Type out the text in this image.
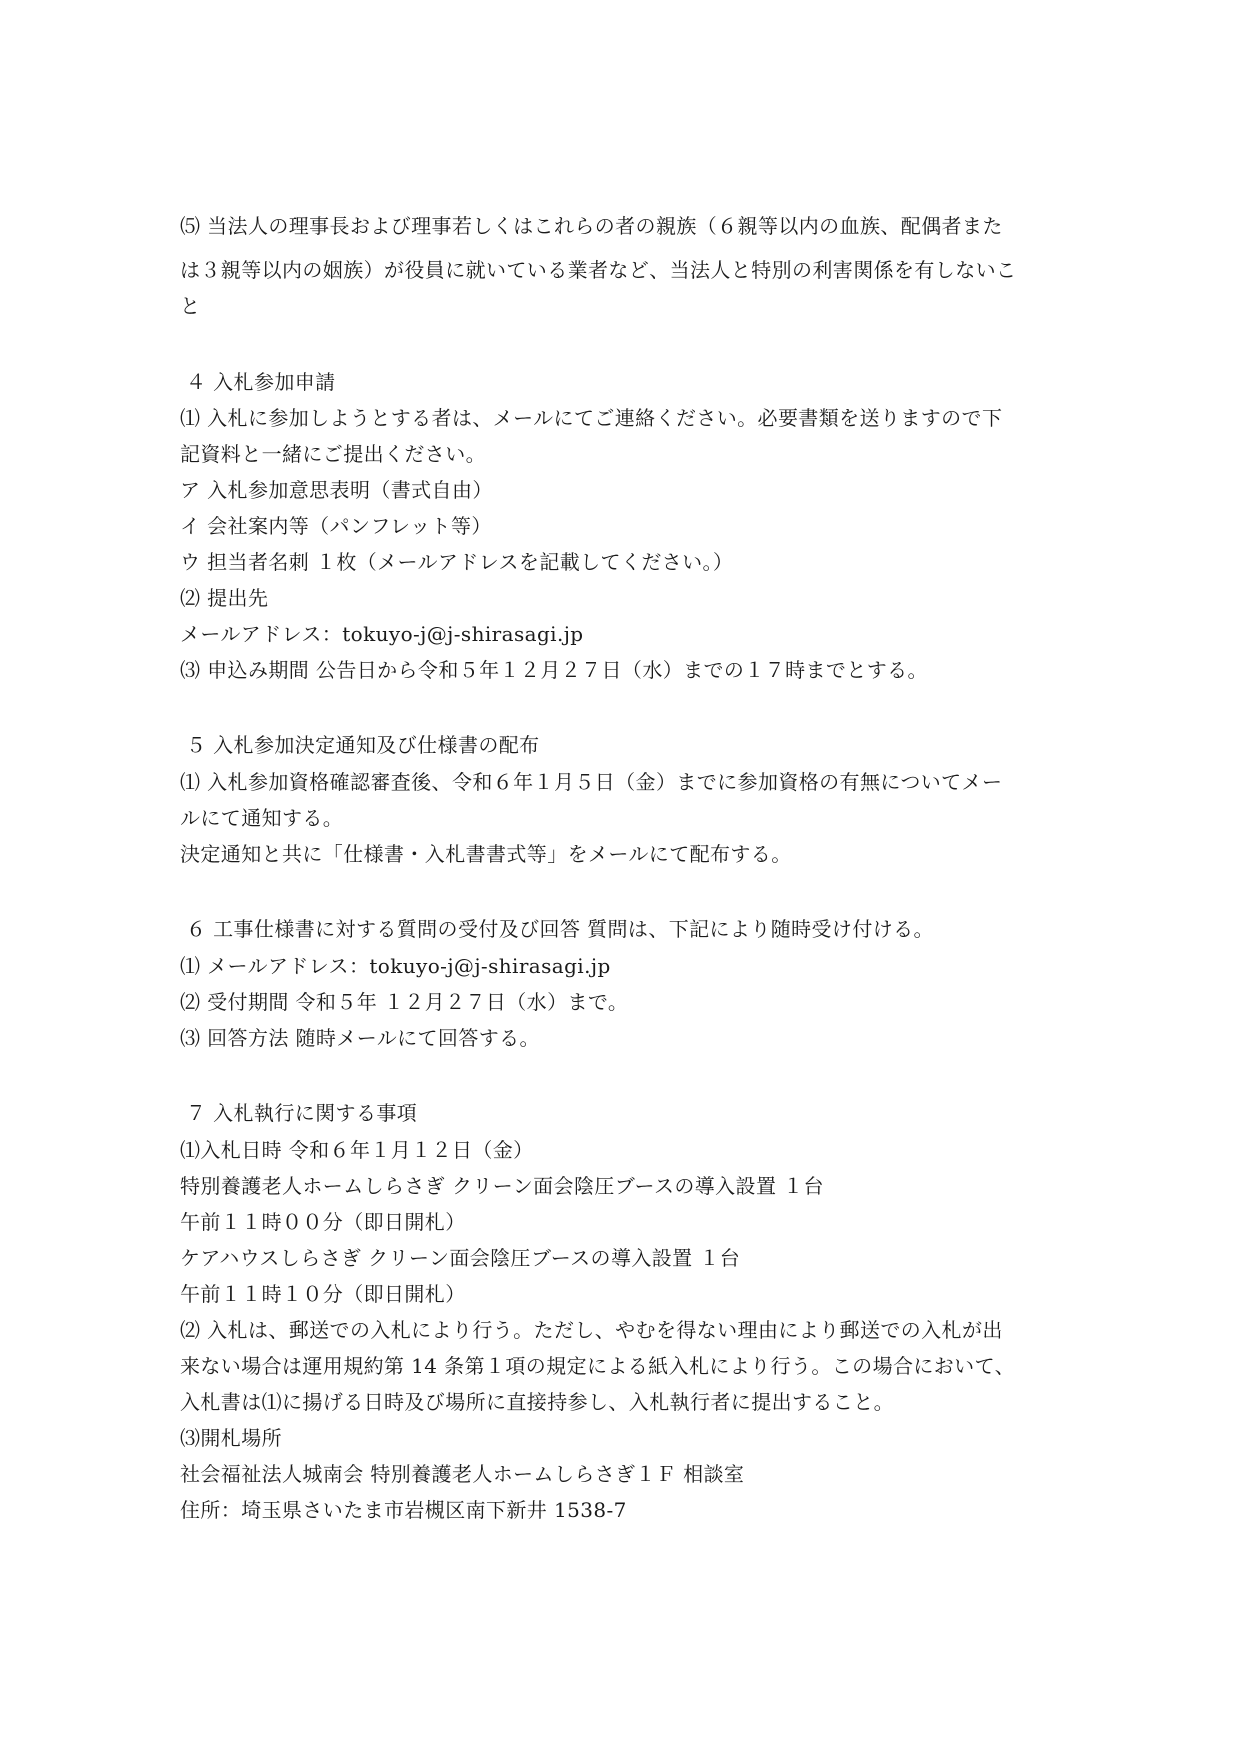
⑸ 当法人の理事長および理事若しくはこれらの者の親族（６親等以内の血族、配偶者また
は３親等以内の姻族）が役員に就いている業者など、当法人と特別の利害関係を有しないこ
と
４ 入札参加申請
⑴ 入札に参加しようとする者は、メールにてご連絡ください。必要書類を送りますので下
記資料と一緒にご提出ください。
ア 入札参加意思表明（書式自由）
イ 会社案内等（パンフレット等）
ウ 担当者名刺 １枚（メールアドレスを記載してください。）
⑵ 提出先
メールアドレス：tokuyo-j@j-shirasagi.jp
⑶ 申込み期間 公告日から令和５年１２月２７日（水）までの１７時までとする。
５ 入札参加決定通知及び仕様書の配布
⑴ 入札参加資格確認審査後、令和６年１月５日（金）までに参加資格の有無についてメー
ルにて通知する。
決定通知と共に「仕様書・入札書書式等」をメールにて配布する。
６ 工事仕様書に対する質問の受付及び回答 質問は、下記により随時受け付ける。
⑴ メールアドレス：tokuyo-j@j-shirasagi.jp
⑵ 受付期間 令和５年 １２月２７日（水）まで。
⑶ 回答方法 随時メールにて回答する。
７ 入札執行に関する事項
⑴入札日時 令和６年１月１２日（金）
特別養護老人ホームしらさぎ クリーン面会陰圧ブースの導入設置 １台
午前１１時００分（即日開札）
ケアハウスしらさぎ クリーン面会陰圧ブースの導入設置 １台
午前１１時１０分（即日開札）
⑵ 入札は、郵送での入札により行う。ただし、やむを得ない理由により郵送での入札が出
来ない場合は運用規約第 14 条第１項の規定による紙入札により行う。この場合において、
入札書は⑴に揚げる日時及び場所に直接持参し、入札執行者に提出すること。
⑶開札場所
社会福祉法人城南会 特別養護老人ホームしらさぎ１Ｆ 相談室
住所：埼玉県さいたま市岩槻区南下新井 1538-7
